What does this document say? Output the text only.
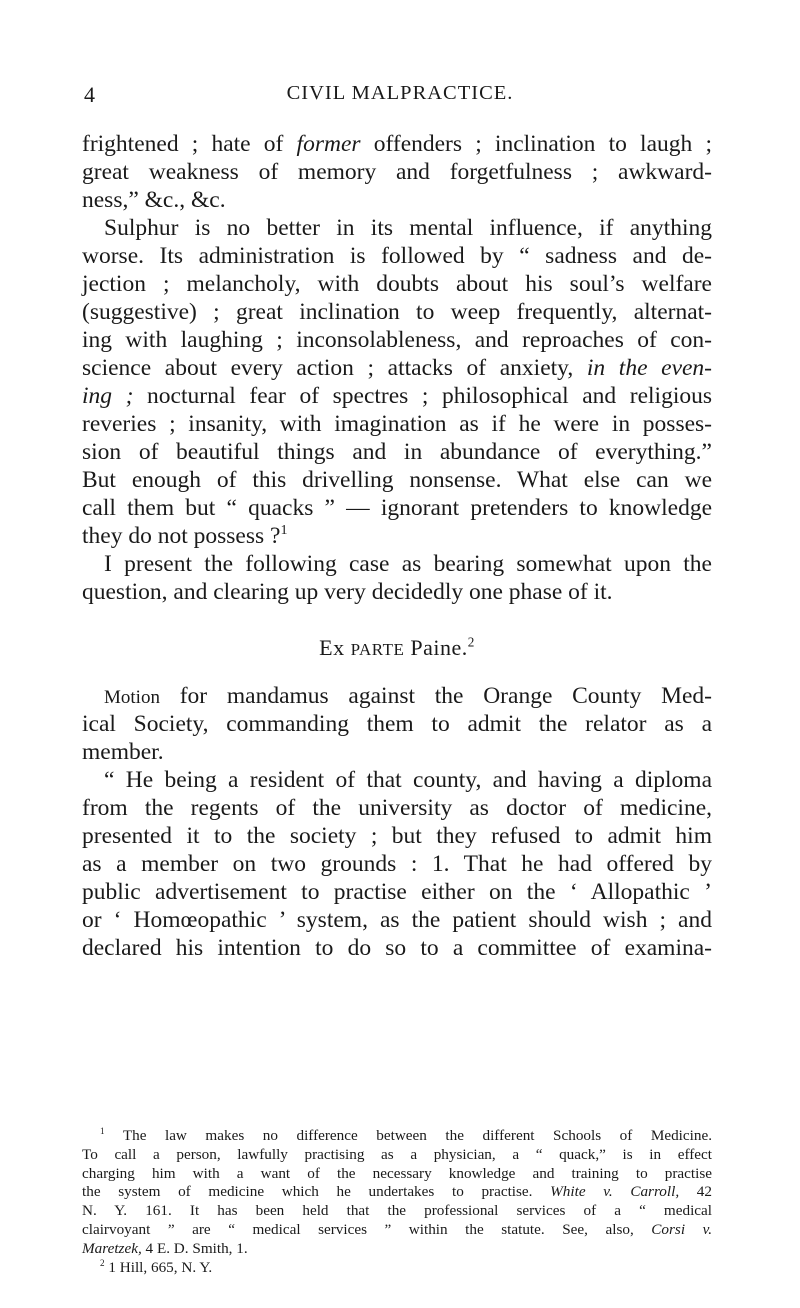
4	CIVIL MALPRACTICE.
frightened ; hate of former offenders ; inclination to laugh ;
great weakness of memory and forgetfulness ; awkward-
ness,” &c., &c.
Sulphur is no better in its mental influence, if anything
worse. Its administration is followed by “ sadness and de-
jection ; melancholy, with doubts about his soul’s welfare
(suggestive) ; great inclination to weep frequently, alternat-
ing with laughing ; inconsolableness, and reproaches of con-
science about every action ; attacks of anxiety, in the even-
ing ; nocturnal fear of spectres ; philosophical and religious
reveries ; insanity, with imagination as if he were in posses-
sion of beautiful things and in abundance of everything.”
But enough of this drivelling nonsense. What else can we
call them but “ quacks ” — ignorant pretenders to knowledge
they do not possess ?$^1$
I present the following case as bearing somewhat upon the
question, and clearing up very decidedly one phase of it.
Ex PARTE Paine.$^2$
Motion for mandamus against the Orange County Med-
ical Society, commanding them to admit the relator as a
member.
“ He being a resident of that county, and having a diploma
from the regents of the university as doctor of medicine,
presented it to the society ; but they refused to admit him
as a member on two grounds : 1. That he had offered by
public advertisement to practise either on the ‘ Allopathic ’
or ‘ Homœopathic ’ system, as the patient should wish ; and
declared his intention to do so to a committee of examina-
$^1$ The law makes no difference between the different Schools of Medicine.
To call a person, lawfully practising as a physician, a “ quack,” is in effect
charging him with a want of the necessary knowledge and training to practise
the system of medicine which he undertakes to practise. White v. Carroll, 42
N. Y. 161. It has been held that the professional services of a “ medical
clairvoyant ” are “ medical services ” within the statute. See, also, Corsi v.
Maretzek, 4 E. D. Smith, 1.
$^2$ 1 Hill, 665, N. Y.
